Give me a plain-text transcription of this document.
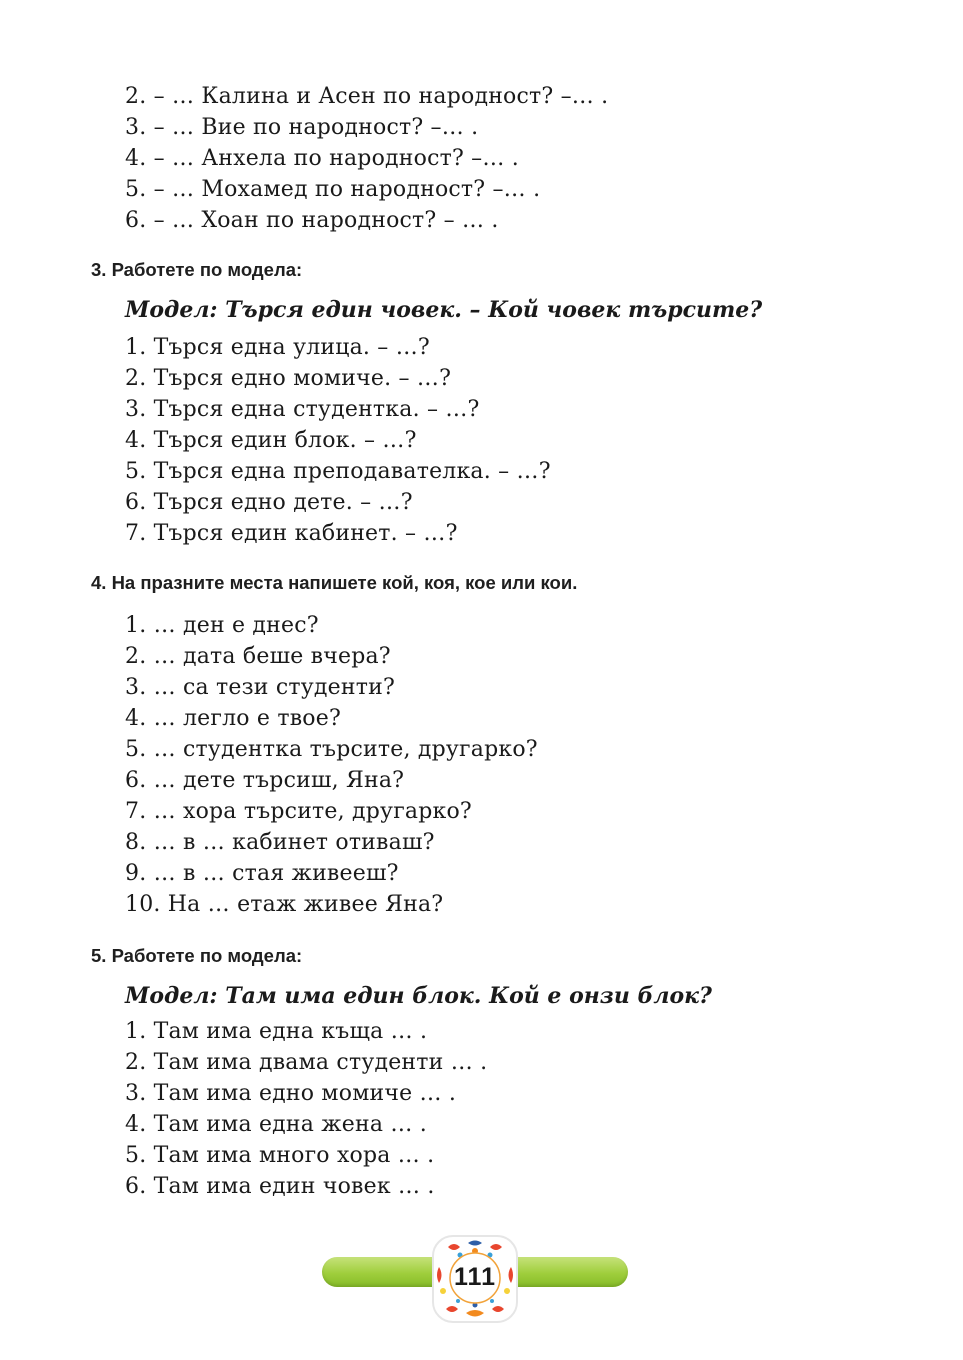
2. – … Калина и Асен по народност? –… .
3. – … Вие по народност? –… .
4. – … Анхела по народност? –… .
5. – … Мохамед по народност? –… .
6. – … Хоан по народност? – … .
3. Работете по модела:
Модел: Търся един човек. – Кой човек търсите?
1. Търся една улица. – …?
2. Търся едно момиче. – …?
3. Търся една студентка. – …?
4. Търся един блок. – …?
5. Търся една преподавателка. – …?
6. Търся едно дете. – …?
7. Търся един кабинет. – …?
4. На празните места напишете кой, коя, кое или кои.
1. … ден е днес?
2. … дата беше вчера?
3. … са тези студенти?
4. … легло е твое?
5. … студентка търсите, другарко?
6. … дете търсиш, Яна?
7. … хора търсите, другарко?
8. … в … кабинет отиваш?
9. … в … стая живееш?
10. На … етаж живее Яна?
5. Работете по модела:
Модел: Там има един блок. Кой е онзи блок?
1. Там има една къща … .
2. Там има двама студенти … .
3. Там има едно момиче … .
4. Там има една жена … .
5. Там има много хора … .
6. Там има един човек … .
111
